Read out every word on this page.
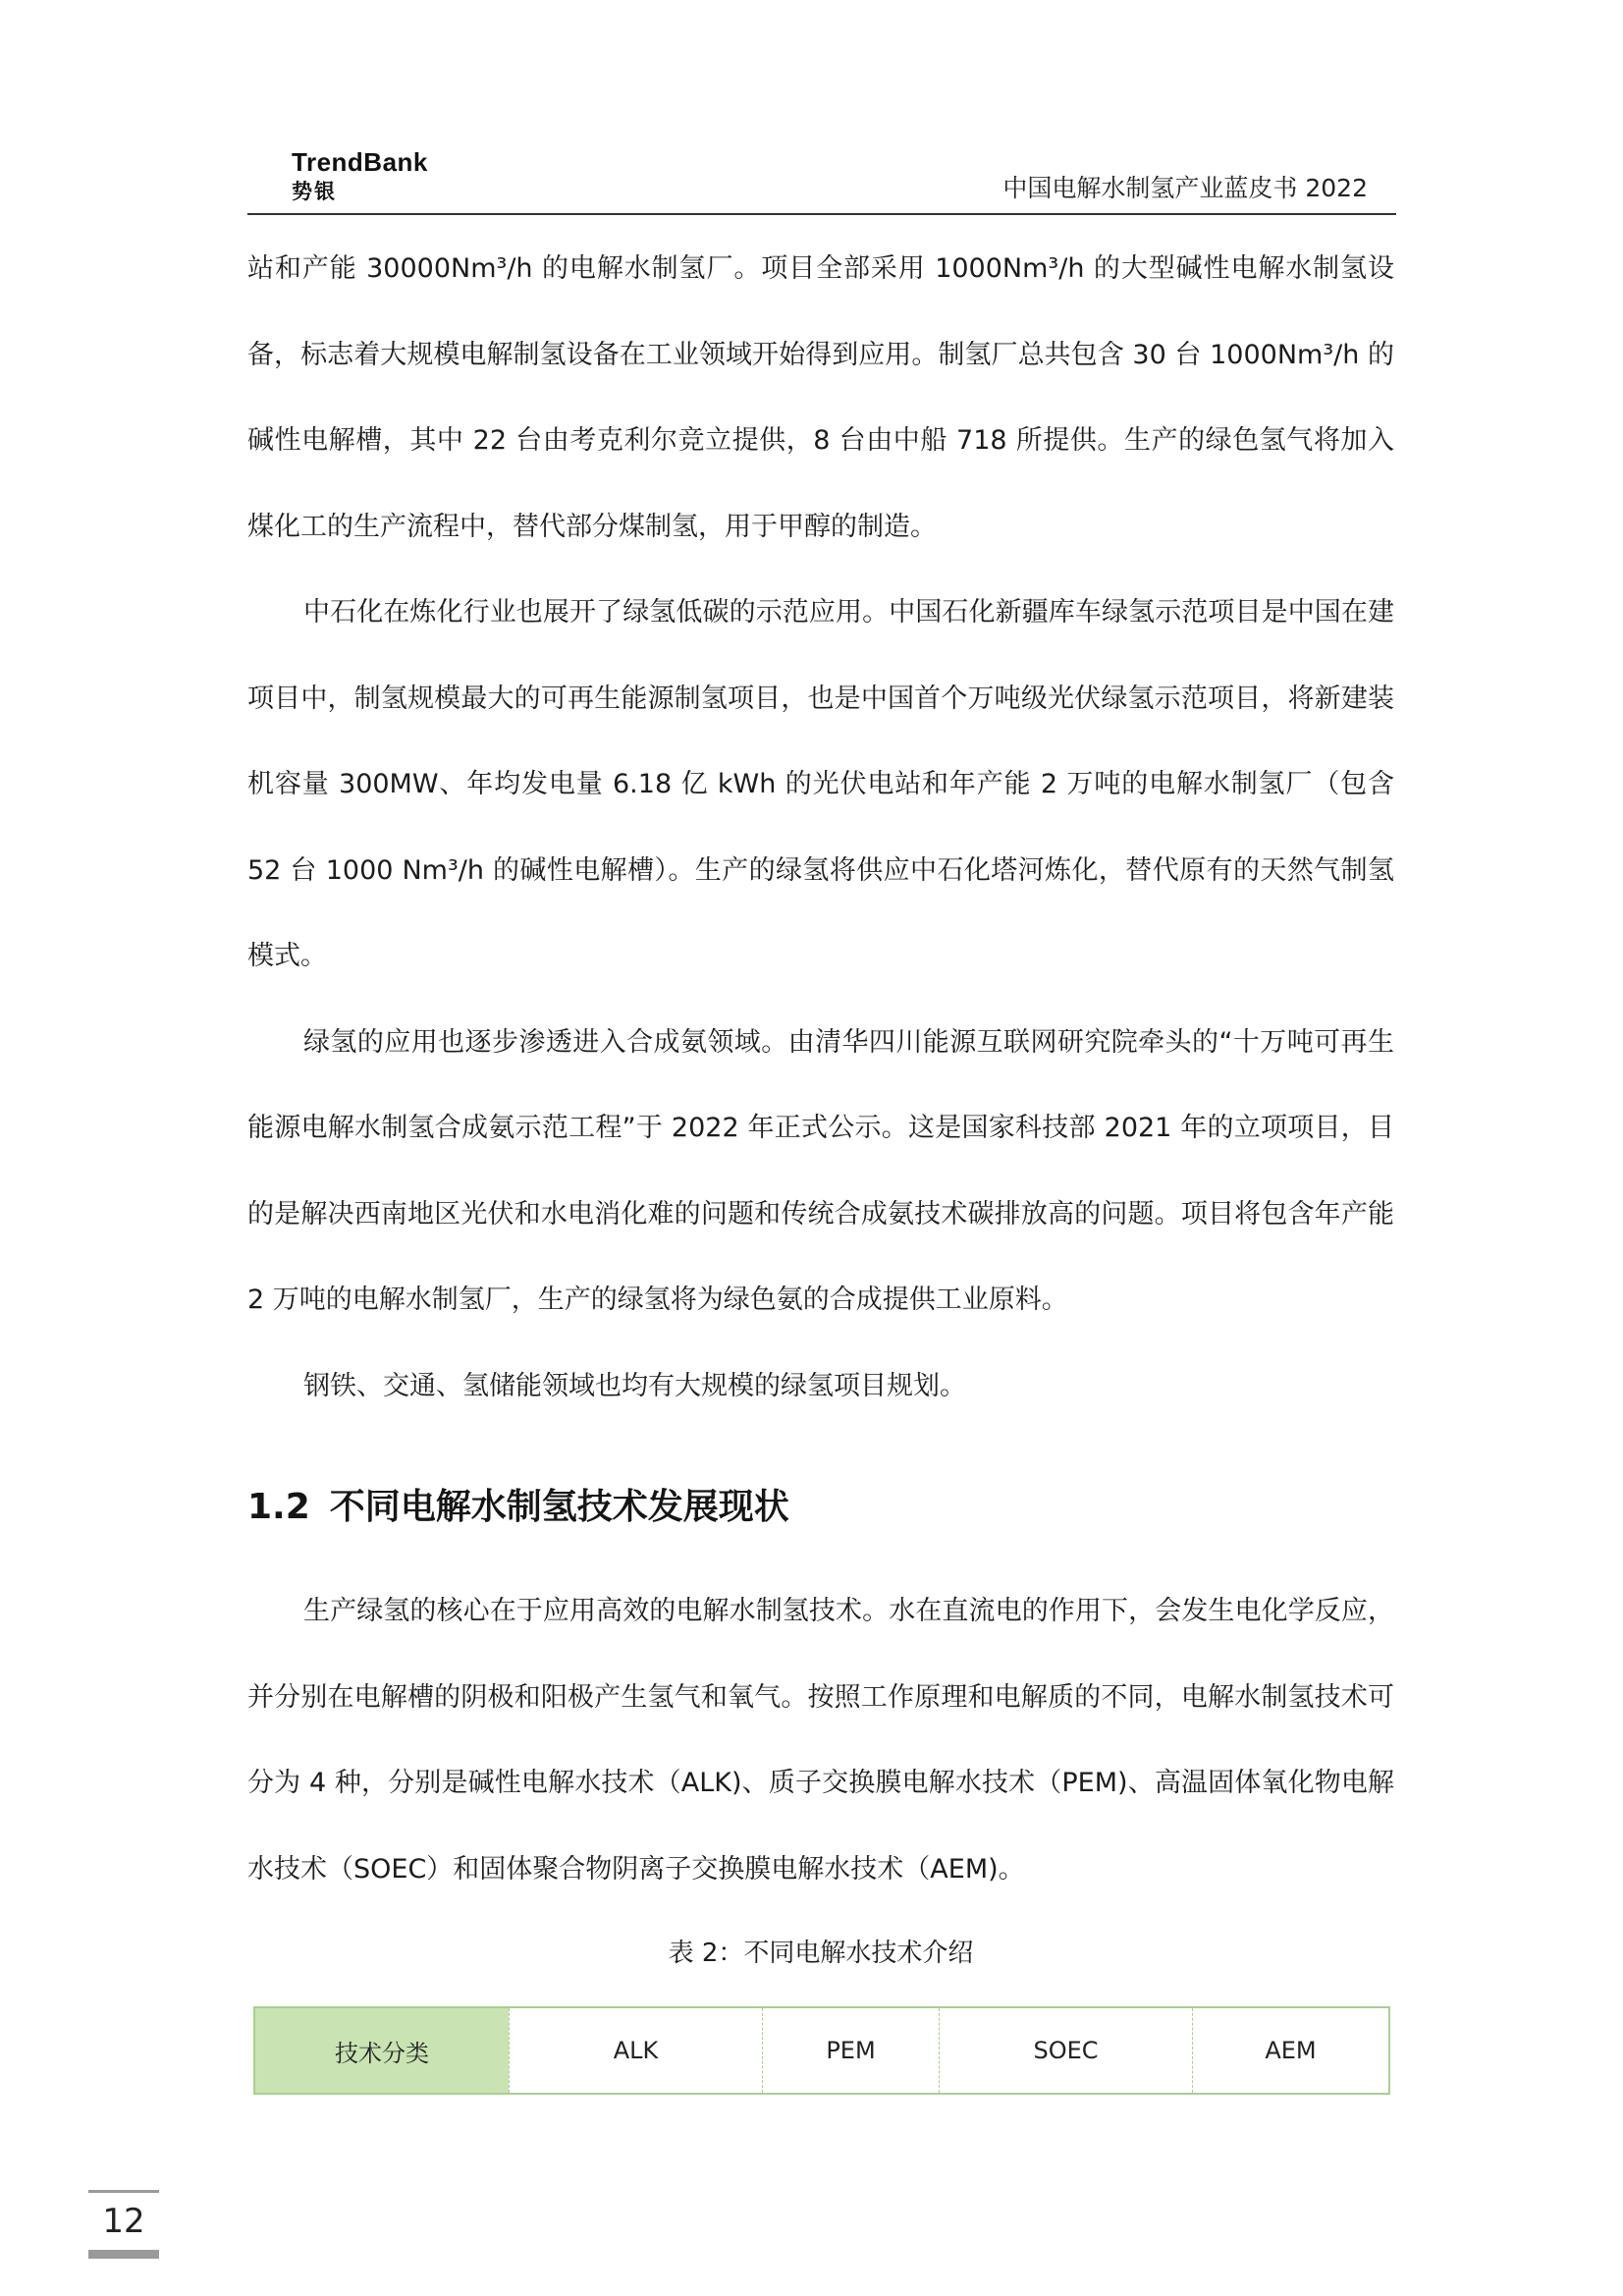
TrendBank
势银	中国电解水制氢产业蓝皮书 2022

站和产能 30000Nm³/h 的电解水制氢厂。项目全部采用 1000Nm³/h 的大型碱性电解水制氢设备，标志着大规模电解制氢设备在工业领域开始得到应用。制氢厂总共包含 30 台 1000Nm³/h 的碱性电解槽，其中 22 台由考克利尔竞立提供，8 台由中船 718 所提供。生产的绿色氢气将加入煤化工的生产流程中，替代部分煤制氢，用于甲醇的制造。

中石化在炼化行业也展开了绿氢低碳的示范应用。中国石化新疆库车绿氢示范项目是中国在建项目中，制氢规模最大的可再生能源制氢项目，也是中国首个万吨级光伏绿氢示范项目，将新建装机容量 300MW、年均发电量 6.18 亿 kWh 的光伏电站和年产能 2 万吨的电解水制氢厂（包含 52 台 1000 Nm³/h 的碱性电解槽）。生产的绿氢将供应中石化塔河炼化，替代原有的天然气制氢模式。

绿氢的应用也逐步渗透进入合成氨领域。由清华四川能源互联网研究院牵头的“十万吨可再生能源电解水制氢合成氨示范工程”于 2022 年正式公示。这是国家科技部 2021 年的立项项目，目的是解决西南地区光伏和水电消化难的问题和传统合成氨技术碳排放高的问题。项目将包含年产能 2 万吨的电解水制氢厂，生产的绿氢将为绿色氨的合成提供工业原料。

钢铁、交通、氢储能领域也均有大规模的绿氢项目规划。

1.2 不同电解水制氢技术发展现状

生产绿氢的核心在于应用高效的电解水制氢技术。水在直流电的作用下，会发生电化学反应，并分别在电解槽的阴极和阳极产生氢气和氧气。按照工作原理和电解质的不同，电解水制氢技术可分为 4 种，分别是碱性电解水技术（ALK)、质子交换膜电解水技术（PEM)、高温固体氧化物电解水技术（SOEC）和固体聚合物阴离子交换膜电解水技术（AEM)。

表 2：不同电解水技术介绍
技术分类	ALK	PEM	SOEC	AEM
12
